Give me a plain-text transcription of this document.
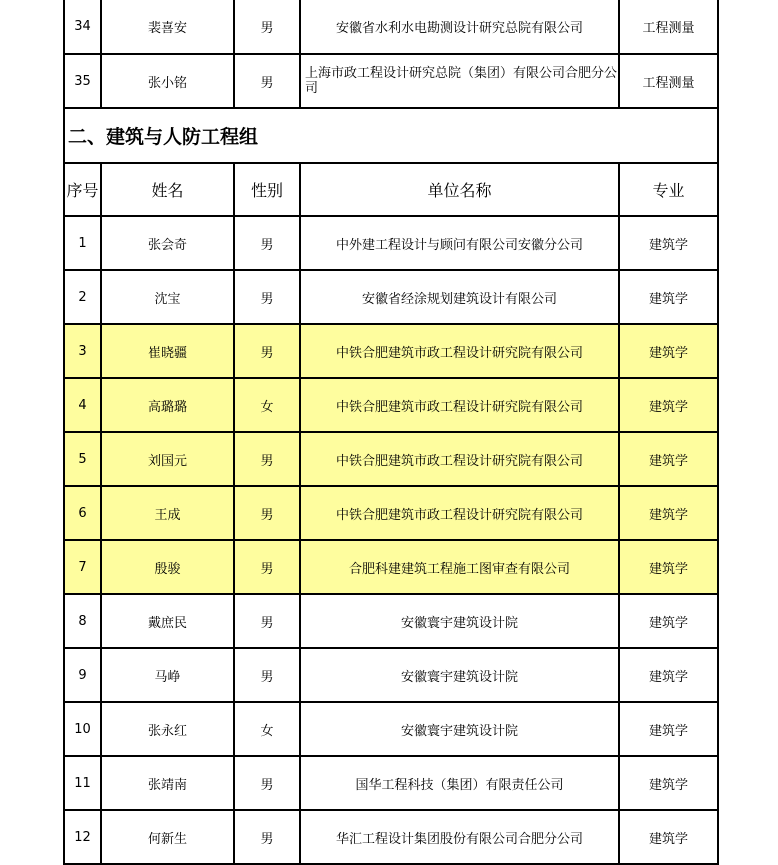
34	裴喜安	男	安徽省水利水电勘测设计研究总院有限公司	工程测量
35	张小铭	男	上海市政工程设计研究总院（集团）有限公司合肥分公司	工程测量
二、建筑与人防工程组				
序号	姓名	性别	单位名称	专业
1	张会奇	男	中外建工程设计与顾问有限公司安徽分公司	建筑学
2	沈宝	男	安徽省经涂规划建筑设计有限公司	建筑学
3	崔晓疆	男	中铁合肥建筑市政工程设计研究院有限公司	建筑学
4	高璐璐	女	中铁合肥建筑市政工程设计研究院有限公司	建筑学
5	刘国元	男	中铁合肥建筑市政工程设计研究院有限公司	建筑学
6	王成	男	中铁合肥建筑市政工程设计研究院有限公司	建筑学
7	殷骏	男	合肥科建建筑工程施工图审查有限公司	建筑学
8	戴庶民	男	安徽寰宇建筑设计院	建筑学
9	马峥	男	安徽寰宇建筑设计院	建筑学
10	张永红	女	安徽寰宇建筑设计院	建筑学
11	张靖南	男	国华工程科技（集团）有限责任公司	建筑学
12	何新生	男	华汇工程设计集团股份有限公司合肥分公司	建筑学
